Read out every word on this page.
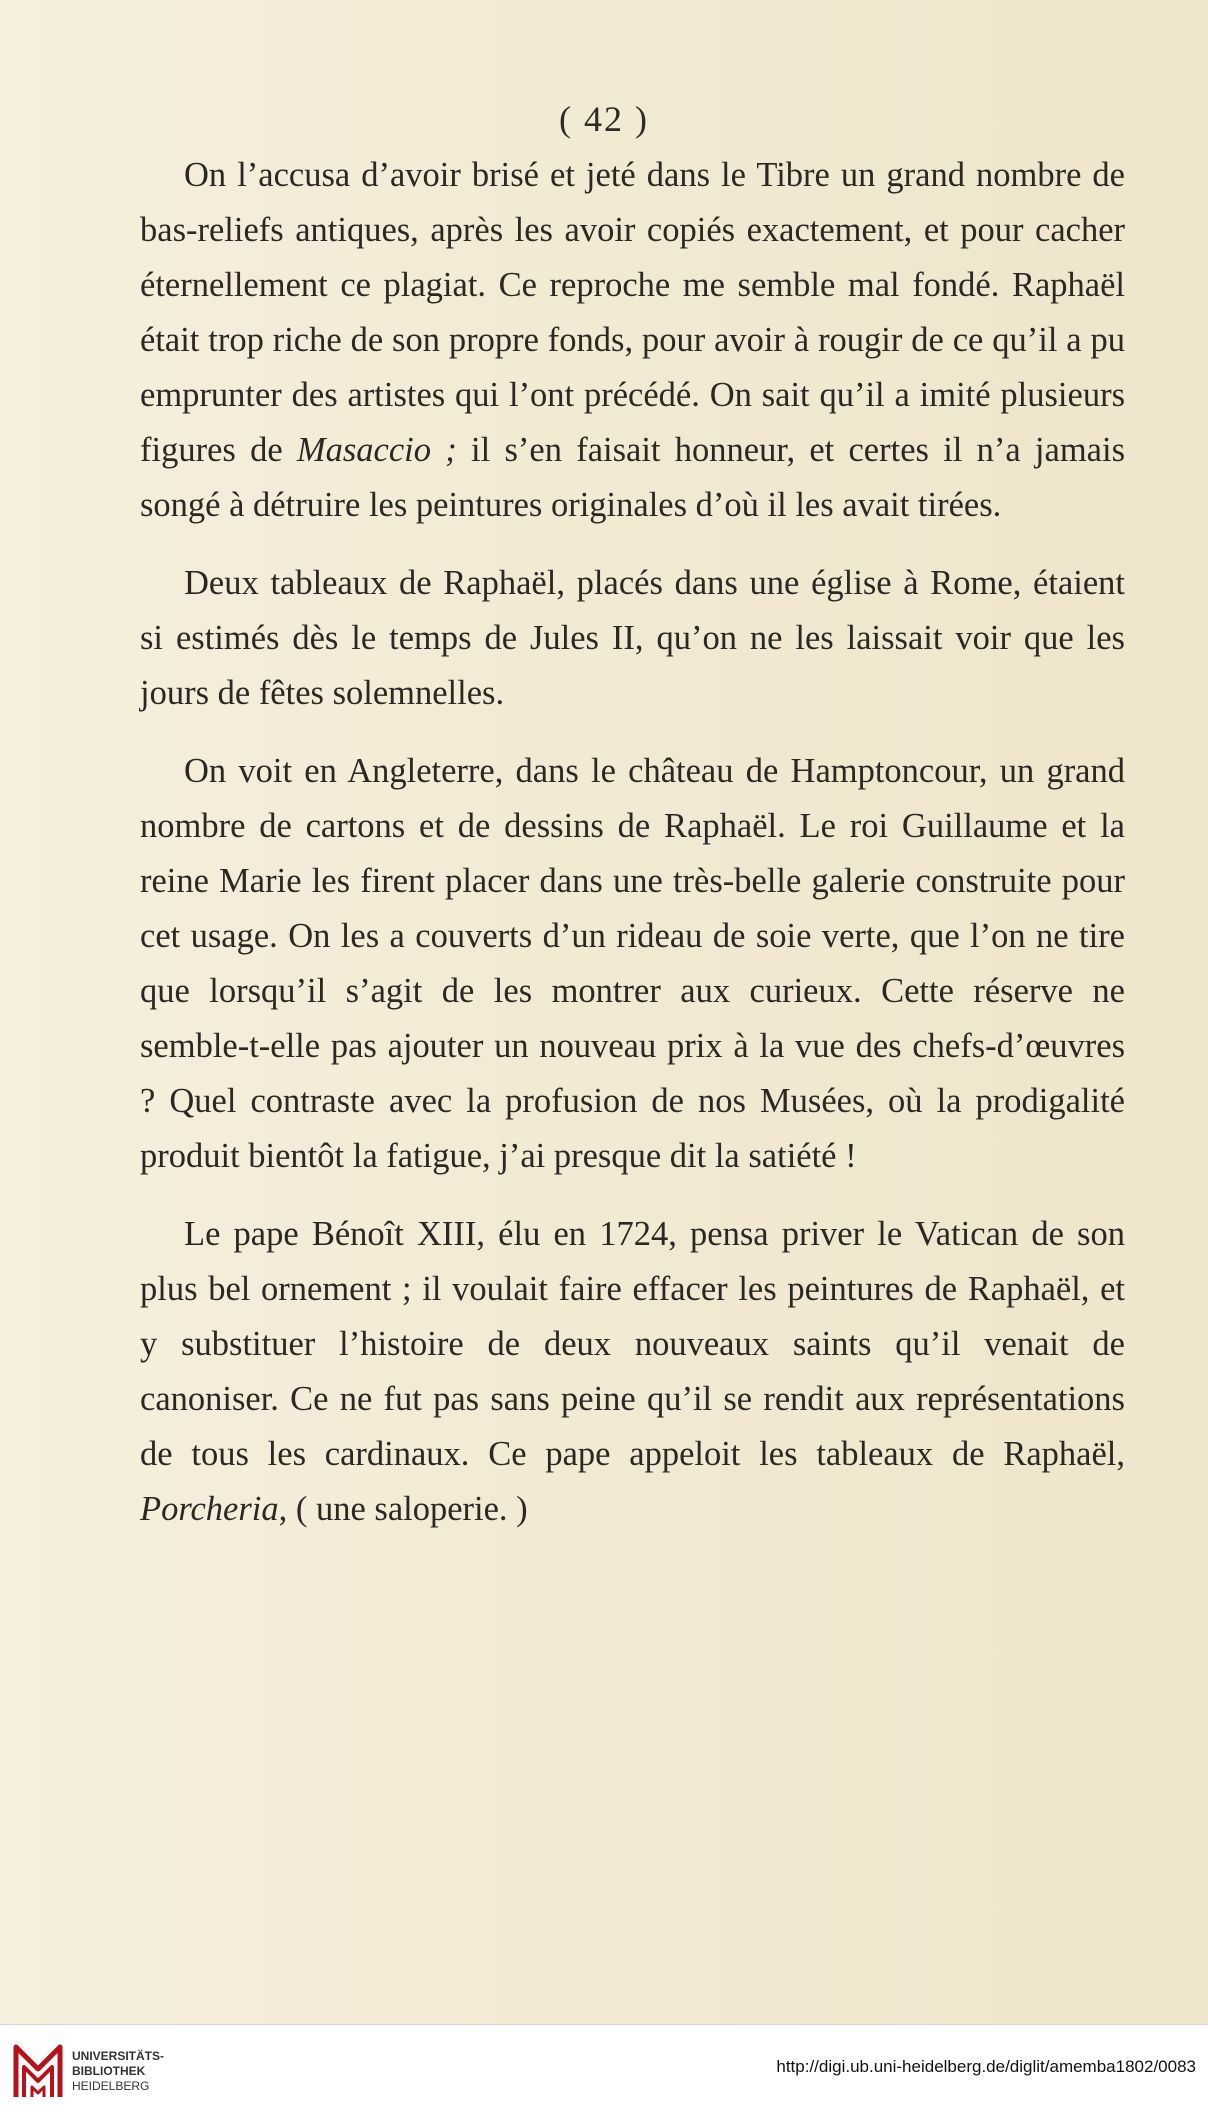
( 42 )

On l’accusa d’avoir brisé et jeté dans le Tibre un grand nombre de bas-reliefs antiques, après les avoir copiés exactement, et pour cacher éternellement ce plagiat. Ce reproche me semble mal fondé. Raphaël était trop riche de son propre fonds, pour avoir à rougir de ce qu’il a pu emprunter des artistes qui l’ont précédé. On sait qu’il a imité plusieurs figures de Masaccio ; il s’en faisait honneur, et certes il n’a jamais songé à détruire les peintures originales d’où il les avait tirées.

Deux tableaux de Raphaël, placés dans une église à Rome, étaient si estimés dès le temps de Jules II, qu’on ne les laissait voir que les jours de fêtes solemnelles.

On voit en Angleterre, dans le château de Hamptoncour, un grand nombre de cartons et de dessins de Raphaël. Le roi Guillaume et la reine Marie les firent placer dans une très-belle galerie construite pour cet usage. On les a couverts d’un rideau de soie verte, que l’on ne tire que lorsqu’il s’agit de les montrer aux curieux. Cette réserve ne semble-t-elle pas ajouter un nouveau prix à la vue des chefs-d’œuvres ? Quel contraste avec la profusion de nos Musées, où la prodigalité produit bientôt la fatigue, j’ai presque dit la satiété !

Le pape Bénoît XIII, élu en 1724, pensa priver le Vatican de son plus bel ornement ; il voulait faire effacer les peintures de Raphaël, et y substituer l’histoire de deux nouveaux saints qu’il venait de canoniser. Ce ne fut pas sans peine qu’il se rendit aux représentations de tous les cardinaux. Ce pape appeloit les tableaux de Raphaël, Porcheria, ( une saloperie. )

UNIVERSITÄTS-
BIBLIOTHEK
HEIDELBERG
http://digi.ub.uni-heidelberg.de/diglit/amemba1802/0083
